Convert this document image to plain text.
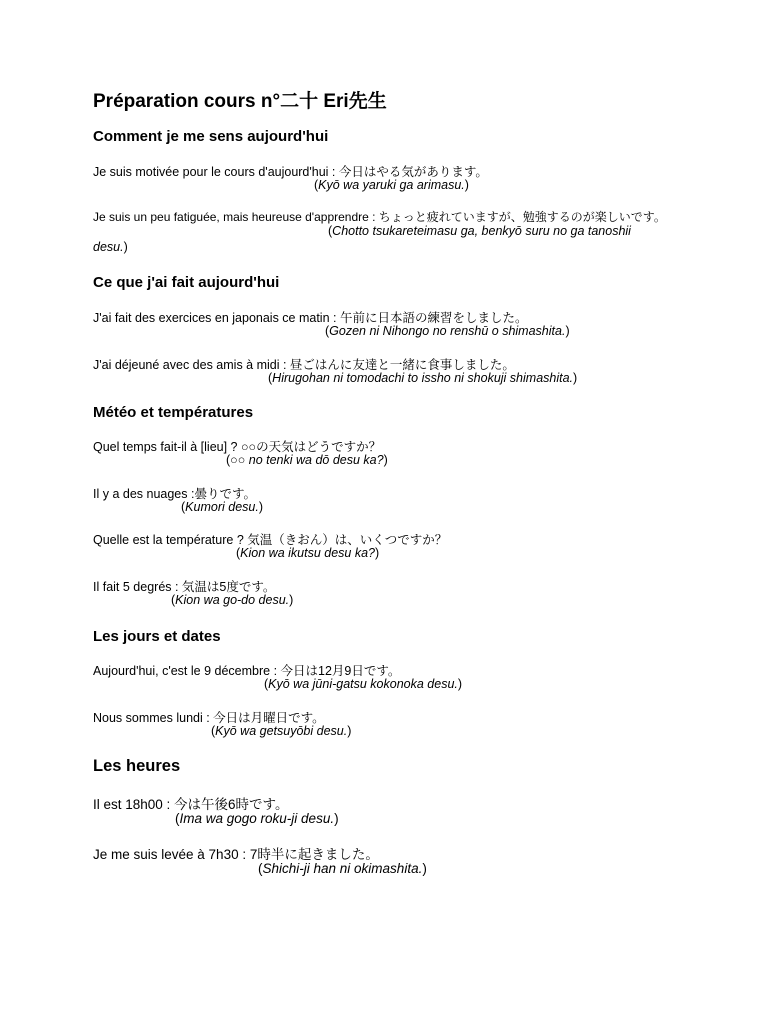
Préparation cours n°二十 Eri先生
Comment je me sens aujourd'hui
Je suis motivée pour le cours d'aujourd'hui : 今日はやる気があります。
(Kyō wa yaruki ga arimasu.)
Je suis un peu fatiguée, mais heureuse d'apprendre : ちょっと疲れていますが、勉強するのが楽しいです。
(Chotto tsukareteimasu ga, benkyō suru no ga tanoshii
desu.)
Ce que j'ai fait aujourd'hui
J'ai fait des exercices en japonais ce matin : 午前に日本語の練習をしました。
(Gozen ni Nihongo no renshū o shimashita.)
J'ai déjeuné avec des amis à midi : 昼ごはんに友達と一緒に食事しました。
(Hirugohan ni tomodachi to issho ni shokuji shimashita.)
Météo et températures
Quel temps fait-il à [lieu] ? ○○の天気はどうですか？
(○○ no tenki wa dō desu ka?)
Il y a des nuages :曇りです。
(Kumori desu.)
Quelle est la température ? 気温（きおん）は、いくつですか？
(Kion wa ikutsu desu ka?)
Il fait 5 degrés : 気温は5度です。
(Kion wa go-do desu.)
Les jours et dates
Aujourd'hui, c'est le 9 décembre : 今日は12月9日です。
(Kyō wa jūni-gatsu kokonoka desu.)
Nous sommes lundi : 今日は月曜日です。
(Kyō wa getsuyōbi desu.)
Les heures
Il est 18h00 : 今は午後6時です。
(Ima wa gogo roku-ji desu.)
Je me suis levée à 7h30 : 7時半に起きました。
(Shichi-ji han ni okimashita.)
